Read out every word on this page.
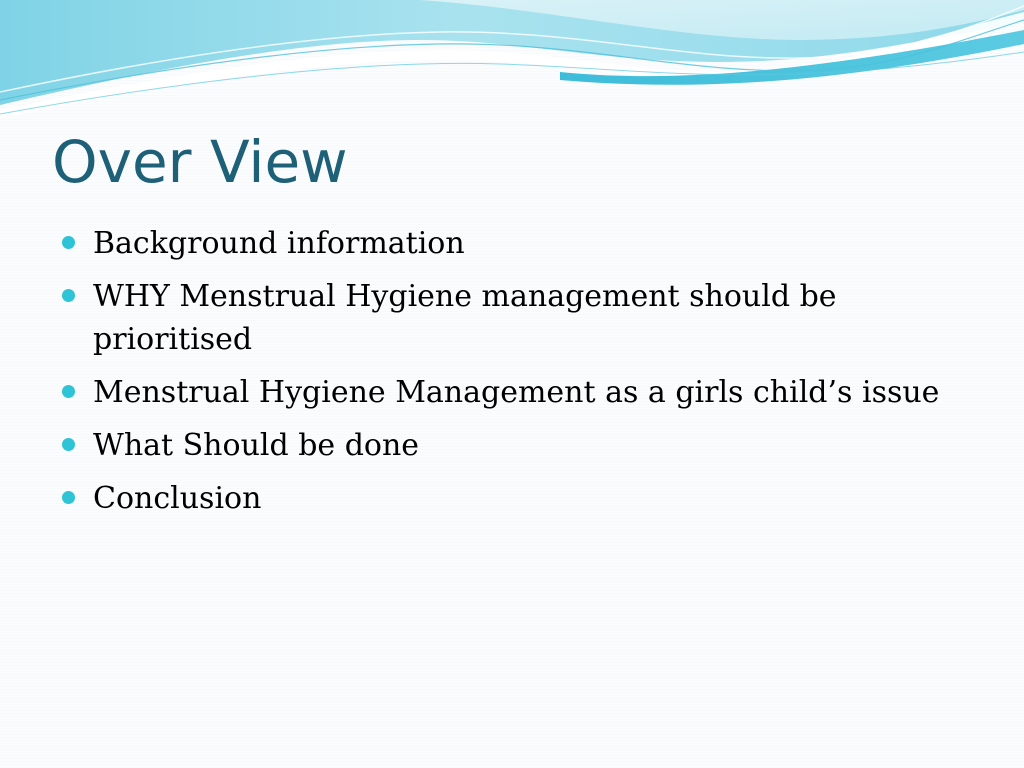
Over View
Background information
WHY Menstrual Hygiene management should be prioritised
Menstrual Hygiene Management as a girls child’s issue
What Should be done
Conclusion
